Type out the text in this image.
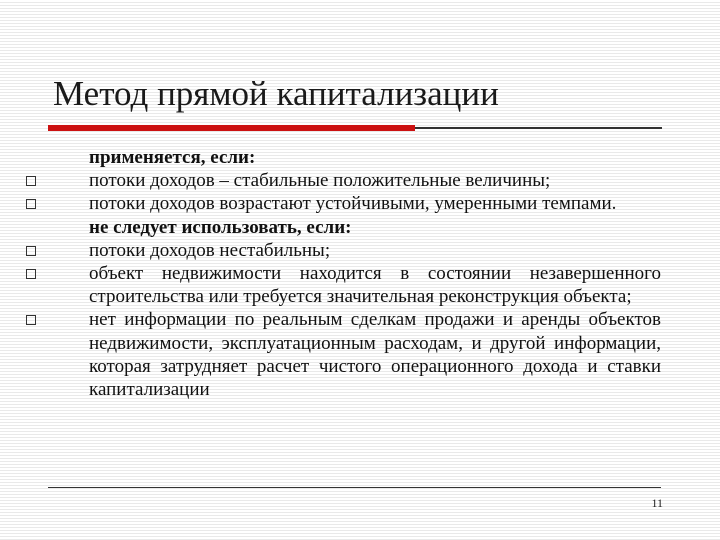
Метод прямой капитализации
применяется, если:
потоки доходов – стабильные положительные величины;
потоки доходов возрастают устойчивыми, умеренными темпами.
не следует использовать, если:
потоки доходов нестабильны;
объект недвижимости находится в состоянии незавершенного строительства или требуется значительная реконструкция объекта;
нет информации по реальным сделкам продажи и аренды объектов недвижимости, эксплуатационным расходам, и другой информации, которая затрудняет расчет чистого операционного дохода и ставки капитализации
11
